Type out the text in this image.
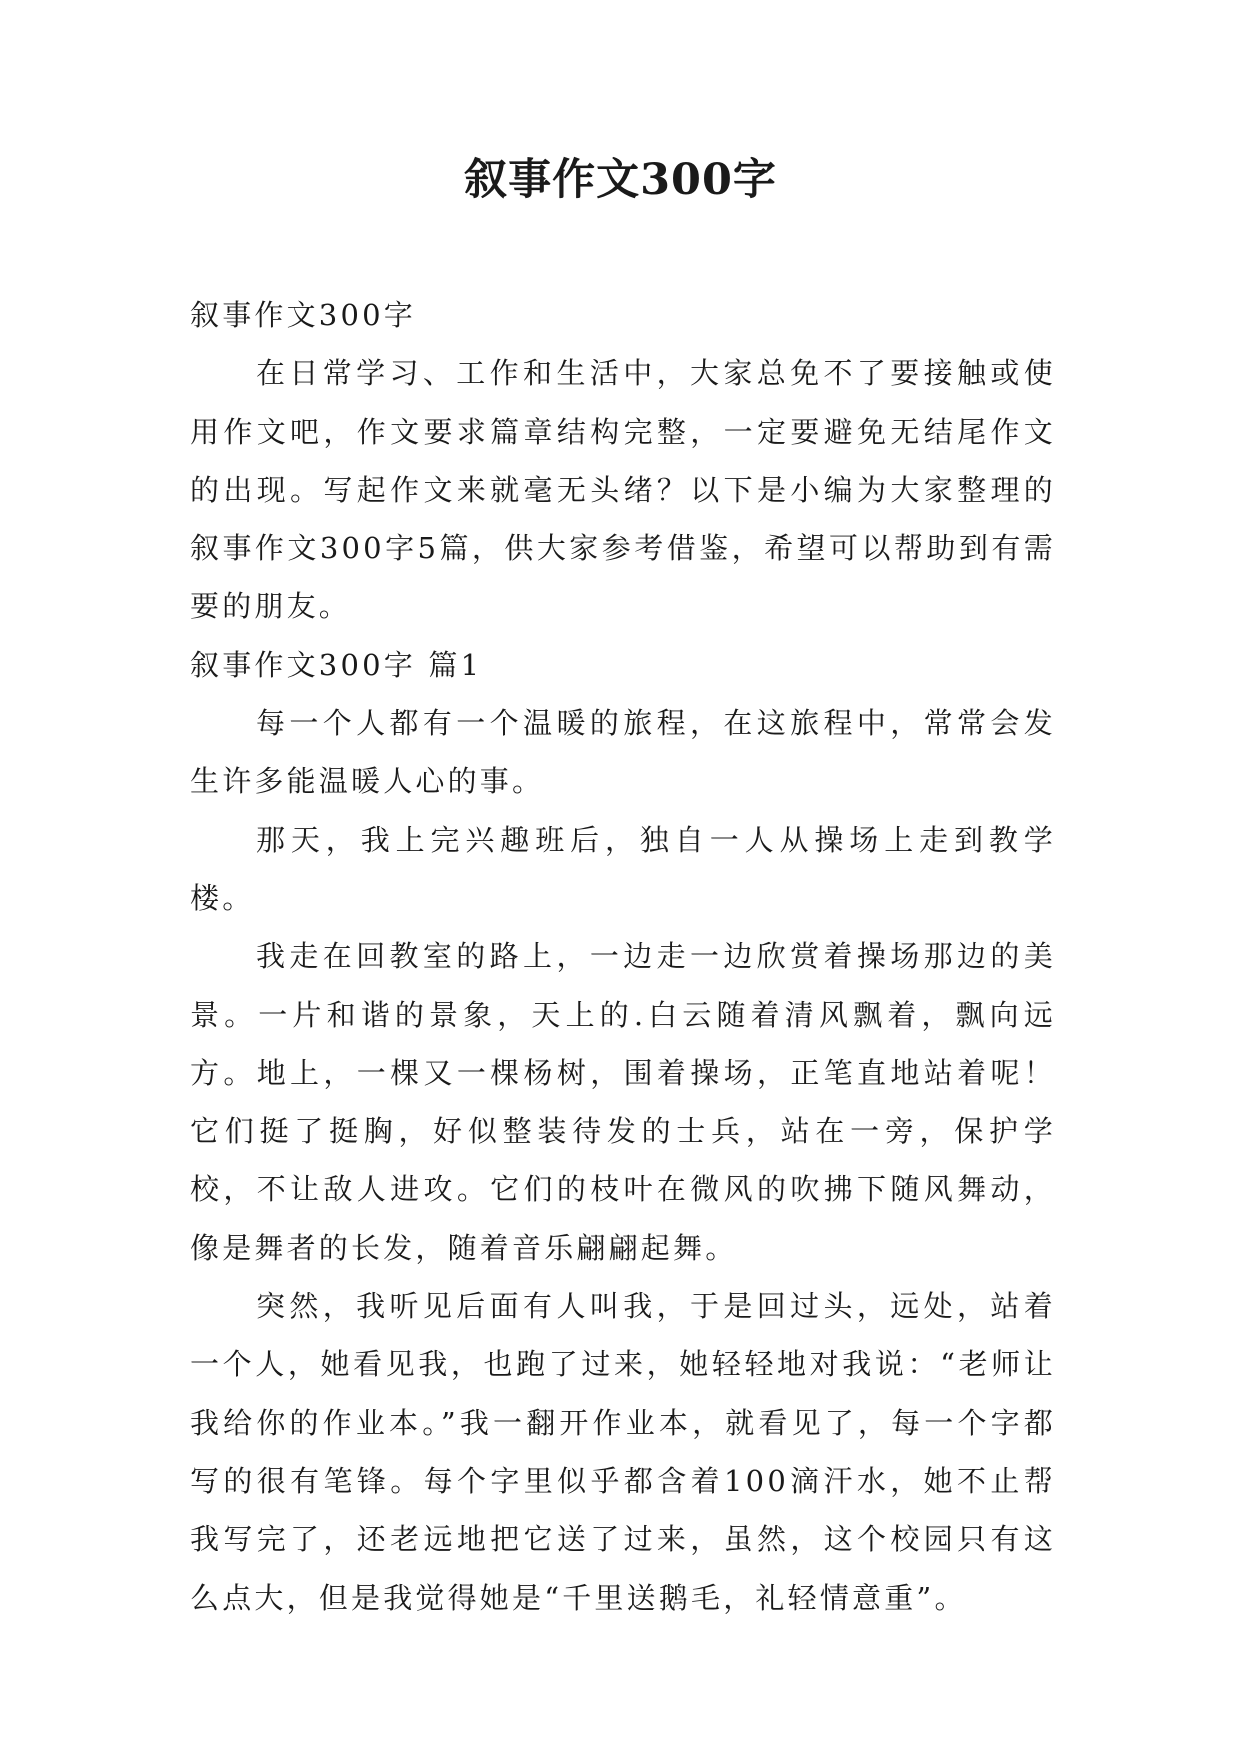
叙事作文300字

叙事作文300字

在日常学习、工作和生活中，大家总免不了要接触或使用作文吧，作文要求篇章结构完整，一定要避免无结尾作文的出现。写起作文来就毫无头绪？以下是小编为大家整理的叙事作文300字5篇，供大家参考借鉴，希望可以帮助到有需要的朋友。

叙事作文300字 篇1

每一个人都有一个温暖的旅程，在这旅程中，常常会发生许多能温暖人心的事。

那天，我上完兴趣班后，独自一人从操场上走到教学楼。

我走在回教室的路上，一边走一边欣赏着操场那边的美景。一片和谐的景象，天上的.白云随着清风飘着，飘向远方。地上，一棵又一棵杨树，围着操场，正笔直地站着呢！它们挺了挺胸，好似整装待发的士兵，站在一旁，保护学校，不让敌人进攻。它们的枝叶在微风的吹拂下随风舞动，像是舞者的长发，随着音乐翩翩起舞。

突然，我听见后面有人叫我，于是回过头，远处，站着一个人，她看见我，也跑了过来，她轻轻地对我说：“老师让我给你的作业本。”我一翻开作业本，就看见了，每一个字都写的很有笔锋。每个字里似乎都含着100滴汗水，她不止帮我写完了，还老远地把它送了过来，虽然，这个校园只有这么点大，但是我觉得她是“千里送鹅毛，礼轻情意重”。
